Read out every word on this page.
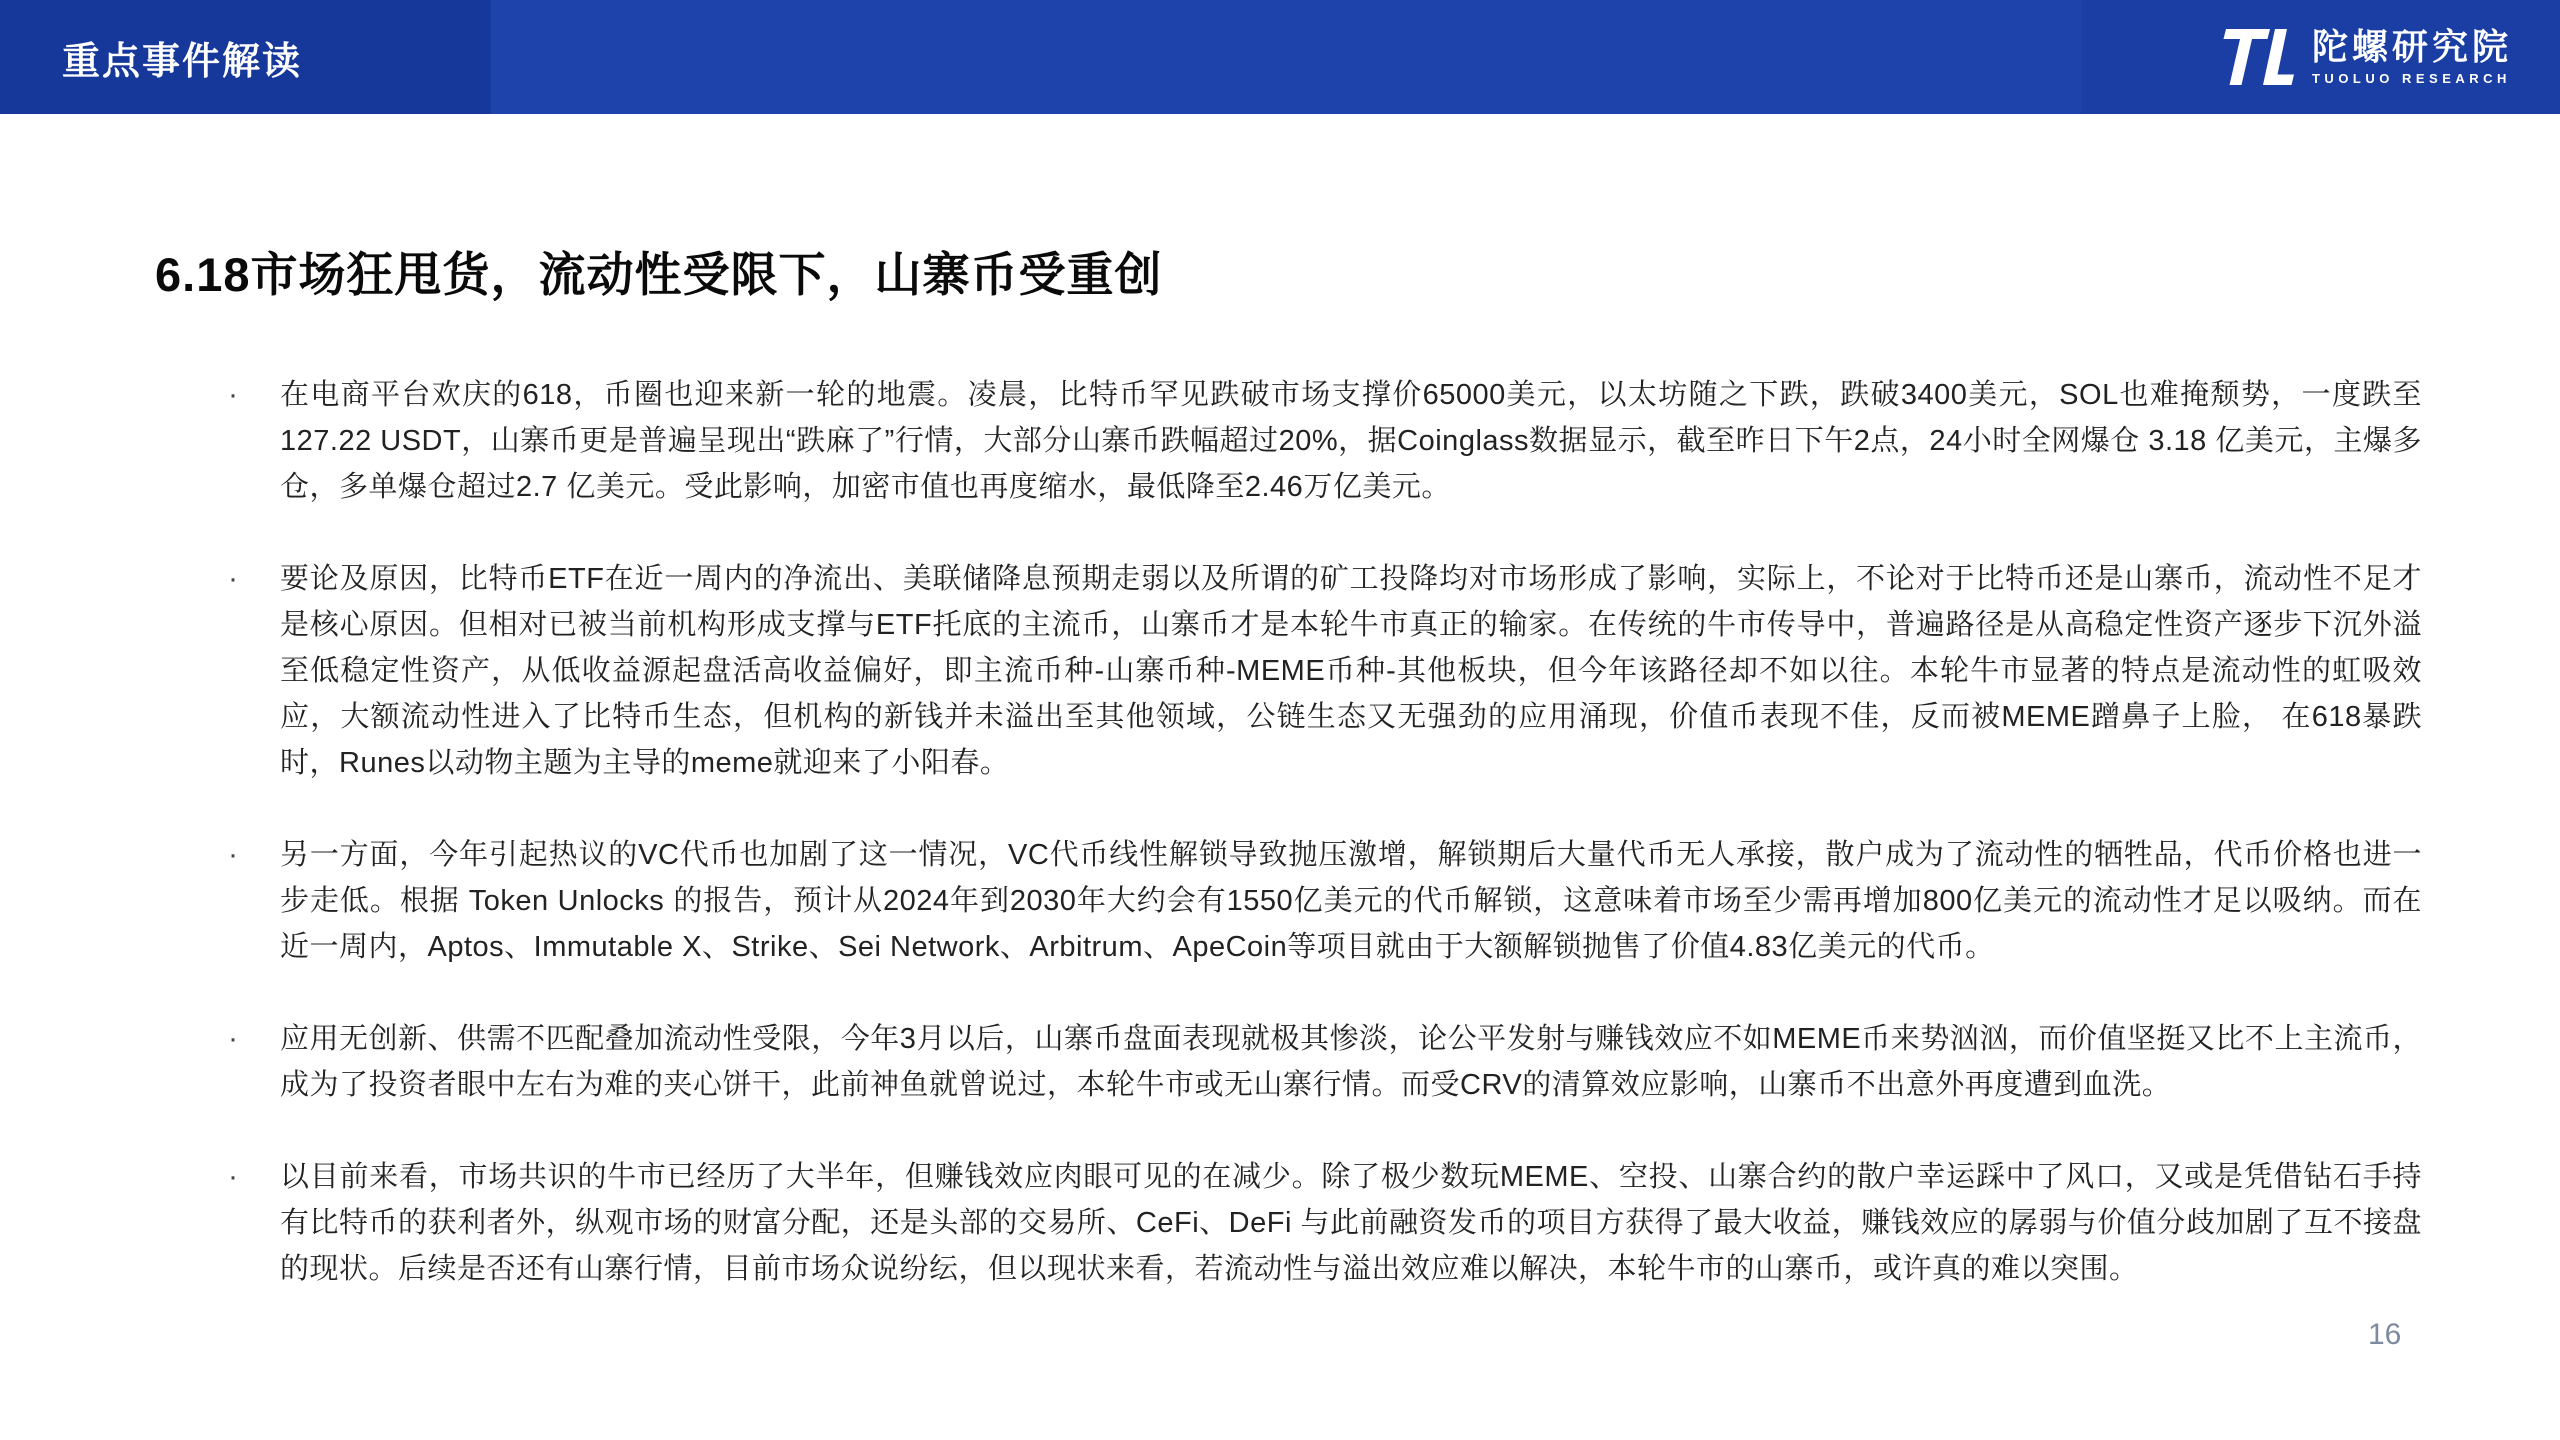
重点事件解读	陀螺研究院
TUOLUO RESEARCH
6.18市场狂甩货，流动性受限下，山寨币受重创
·	在电商平台欢庆的618，币圈也迎来新一轮的地震。凌晨，比特币罕见跌破市场支撑价65000美元，以太坊随之下跌，跌破3400美元，SOL也难掩颓势，一度跌至127.22 USDT，山寨币更是普遍呈现出“跌麻了”行情，大部分山寨币跌幅超过20%，据Coinglass数据显示，截至昨日下午2点，24小时全网爆仓 3.18 亿美元，主爆多仓，多单爆仓超过2.7 亿美元。受此影响，加密市值也再度缩水，最低降至2.46万亿美元。

·	要论及原因，比特币ETF在近一周内的净流出、美联储降息预期走弱以及所谓的矿工投降均对市场形成了影响，实际上，不论对于比特币还是山寨币，流动性不足才是核心原因。但相对已被当前机构形成支撑与ETF托底的主流币，山寨币才是本轮牛市真正的输家。在传统的牛市传导中，普遍路径是从高稳定性资产逐步下沉外溢至低稳定性资产，从低收益源起盘活高收益偏好，即主流币种-山寨币种-MEME币种-其他板块，但今年该路径却不如以往。本轮牛市显著的特点是流动性的虹吸效应，大额流动性进入了比特币生态，但机构的新钱并未溢出至其他领域，公链生态又无强劲的应用涌现，价值币表现不佳，反而被MEME蹭鼻子上脸， 在618暴跌时，Runes以动物主题为主导的meme就迎来了小阳春。

·	另一方面，今年引起热议的VC代币也加剧了这一情况，VC代币线性解锁导致抛压激增，解锁期后大量代币无人承接，散户成为了流动性的牺牲品，代币价格也进一步走低。根据 Token Unlocks 的报告，预计从2024年到2030年大约会有1550亿美元的代币解锁，这意味着市场至少需再增加800亿美元的流动性才足以吸纳。而在近一周内，Aptos、Immutable X、Strike、Sei Network、Arbitrum、ApeCoin等项目就由于大额解锁抛售了价值4.83亿美元的代币。

·	应用无创新、供需不匹配叠加流动性受限，今年3月以后，山寨币盘面表现就极其惨淡，论公平发射与赚钱效应不如MEME币来势汹汹，而价值坚挺又比不上主流币，成为了投资者眼中左右为难的夹心饼干，此前神鱼就曾说过，本轮牛市或无山寨行情。而受CRV的清算效应影响，山寨币不出意外再度遭到血洗。

·	以目前来看，市场共识的牛市已经历了大半年，但赚钱效应肉眼可见的在减少。除了极少数玩MEME、空投、山寨合约的散户幸运踩中了风口，又或是凭借钻石手持有比特币的获利者外，纵观市场的财富分配，还是头部的交易所、CeFi、DeFi 与此前融资发币的项目方获得了最大收益，赚钱效应的孱弱与价值分歧加剧了互不接盘的现状。后续是否还有山寨行情，目前市场众说纷纭，但以现状来看，若流动性与溢出效应难以解决，本轮牛市的山寨币，或许真的难以突围。

16
